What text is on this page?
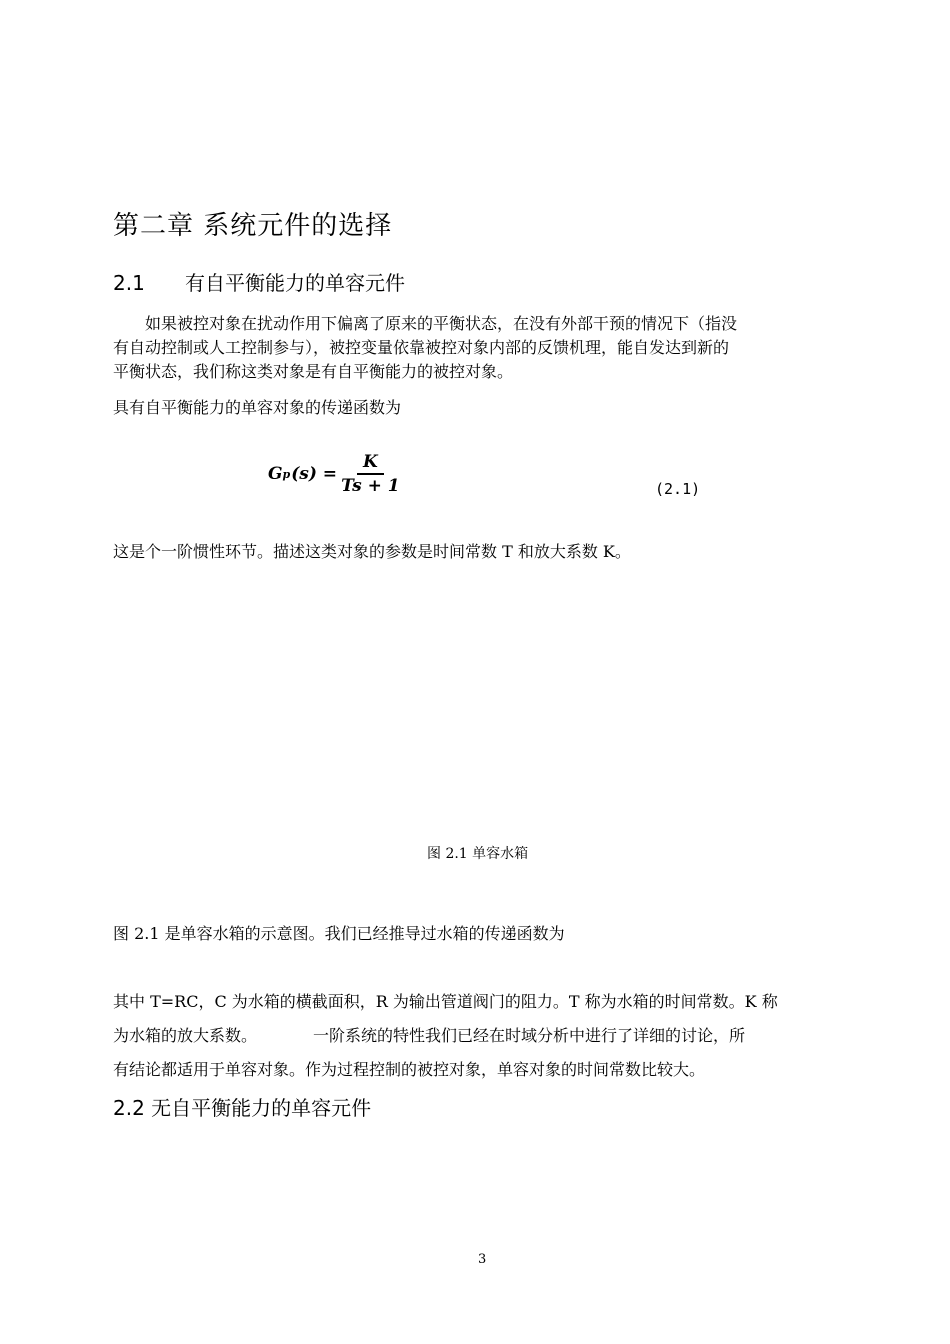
第二章 系统元件的选择
2.1 有自平衡能力的单容元件
如果被控对象在扰动作用下偏离了原来的平衡状态，在没有外部干预的情况下（指没
有自动控制或人工控制参与），被控变量依靠被控对象内部的反馈机理，能自发达到新的
平衡状态，我们称这类对象是有自平衡能力的被控对象。
具有自平衡能力的单容对象的传递函数为
G p $(s) = \frac{K}{Ts + 1}$	(2.1)
这是个一阶惯性环节。描述这类对象的参数是时间常数 T 和放大系数 K。
图 2.1 单容水箱
图 2.1 是单容水箱的示意图。我们已经推导过水箱的传递函数为
其中 T=RC，C 为水箱的横截面积，R 为输出管道阀门的阻力。T 称为水箱的时间常数。K 称
为水箱的放大系数。	一阶系统的特性我们已经在时域分析中进行了详细的讨论，所
有结论都适用于单容对象。作为过程控制的被控对象，单容对象的时间常数比较大。
2.2 无自平衡能力的单容元件
3
